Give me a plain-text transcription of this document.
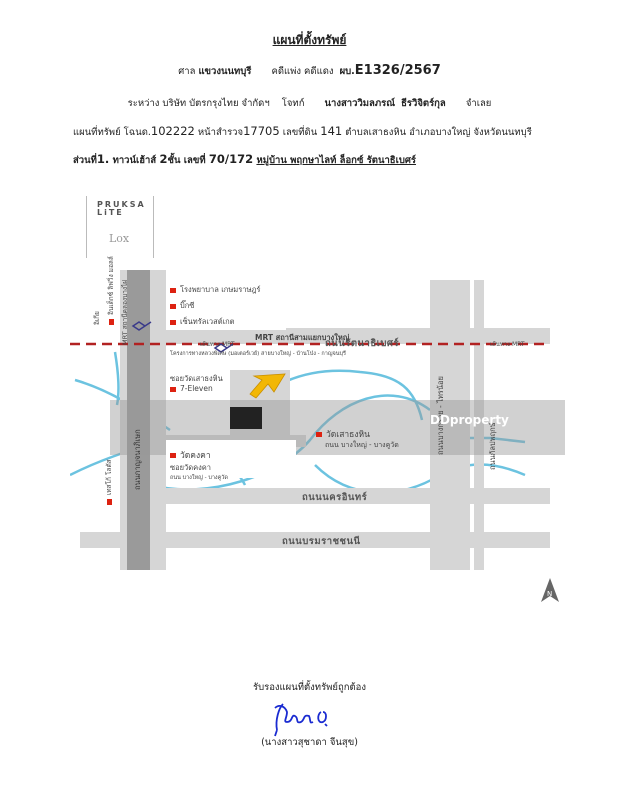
แผนที่ตั้งทรัพย์
ศาล แขวงนนทบุรี คดีแพ่ง คดีแดง ผบ.E1326/2567
ระหว่าง บริษัท บัตรกรุงไทย จำกัดฯ โจทก์ นางสาววิมลภรณ์ ธีรวิจิตร์กุล จำเลย
แผนที่ทรัพย์ โฉนด.102222 หน้าสำรวจ17705 เลขที่ดิน 141 ตำบลเสาธงหิน อำเภอบางใหญ่ จังหวัดนนทบุรี
ส่วนที่1. ทาวน์เฮ้าส์ 2ชั้น เลขที่ 70/172 หมู่บ้าน พฤกษาไลท์ ล็อกซ์ รัตนาธิเบศร์
PRUKSA
LiTE
Lox
โรงพยาบาล เกษมราษฎร์
บิ๊กซี
เซ็นทรัลเวสต์เกต
MRT สถานีสามแยกบางใหญ่
เส้นทาง MRT	ถนนรัตนาธิเบศร์	เส้นทาง MRT
โครงการทางหลวงพิเศษ (มอเตอร์เวย์) สายบางใหญ่ - บ้านโป่ง - กาญจนบุรี
อิเกีย
อินเด็กซ์ ลิฟวิ่ง มอลล์ MRT สถานีคลองบางไผ่
ซอยวัดเสาธงหิน
7-Eleven
วัดเสาธงหิน
ถนน บางใหญ่ - บางคูวัด
วัดคงคา
ซอยวัดคงคา
ถนน บางใหญ่ - บางคูวัด
ถนนกาญจนาภิเษก
เทสโก้ โลตัส
ถนนบางกรวย - ไทรน้อย	ถนนกัลปพฤกษ์
DDproperty
ถนนนครอินทร์
ถนนบรมราชชนนี
N
รับรองแผนที่ตั้งทรัพย์ถูกต้อง
(นางสาวสุชาดา จีนสุข)
